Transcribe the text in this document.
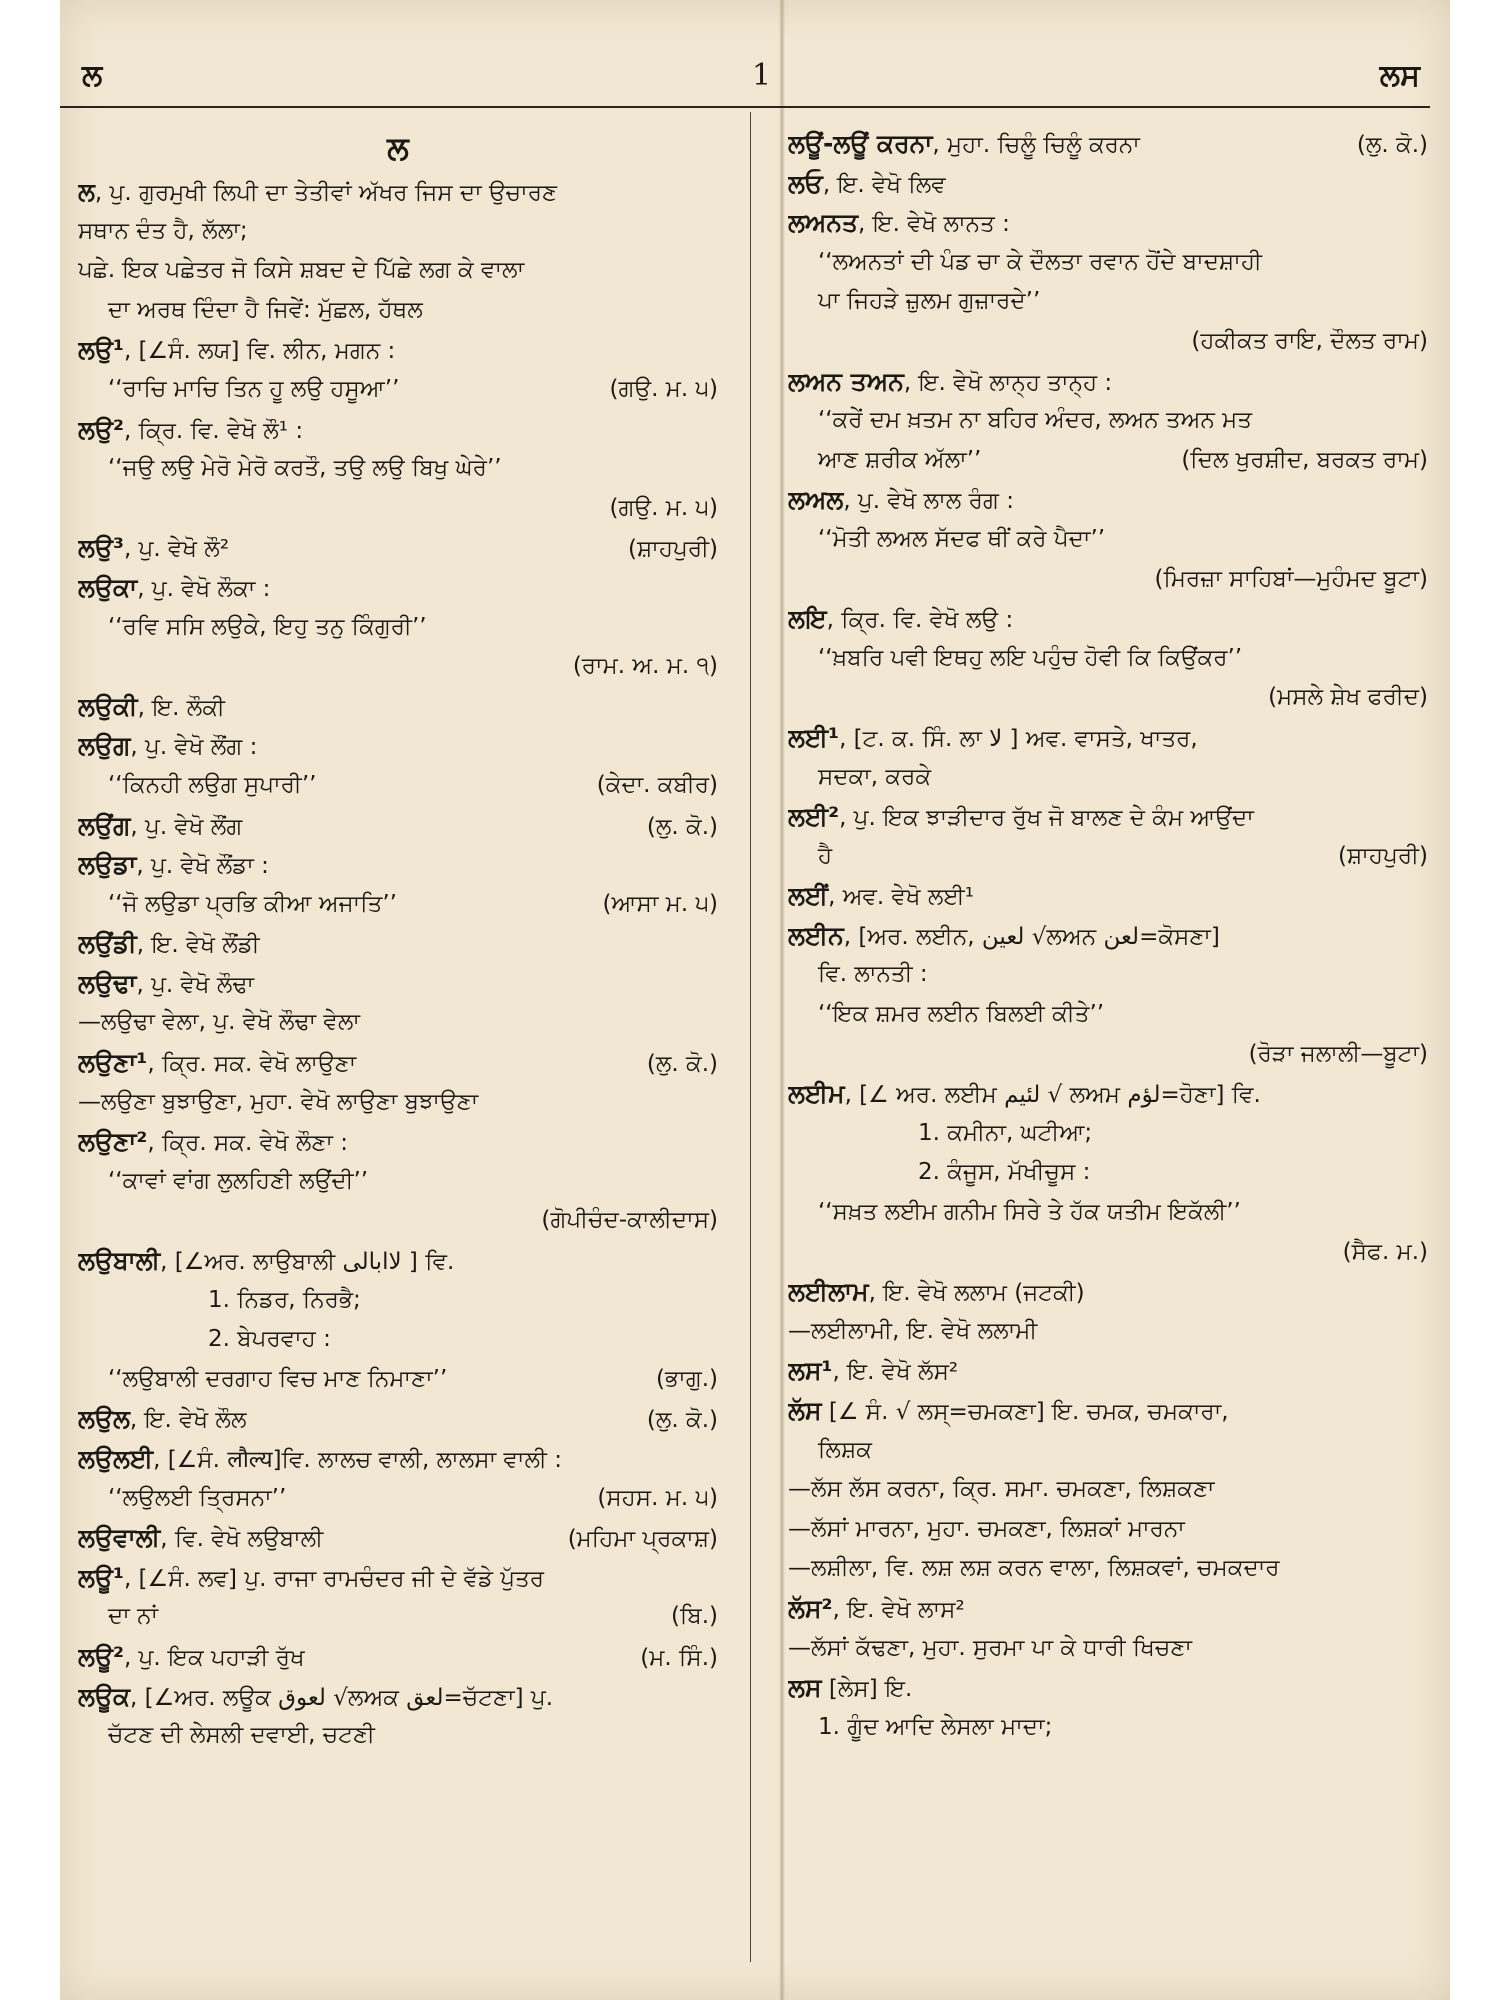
ਲ	1	ਲਸ
ਲ
ਲ, ਪੁ. ਗੁਰਮੁਖੀ ਲਿਪੀ ਦਾ ਤੇਤੀਵਾਂ ਅੱਖਰ ਜਿਸ ਦਾ ਉਚਾਰਣ
ਸਥਾਨ ਦੰਤ ਹੈ, ਲੱਲਾ;
ਪਛੇ. ਇਕ ਪਛੇਤਰ ਜੋ ਕਿਸੇ ਸ਼ਬਦ ਦੇ ਪਿੱਛੇ ਲਗ ਕੇ ਵਾਲਾ
ਦਾ ਅਰਥ ਦਿੰਦਾ ਹੈ ਜਿਵੇਂ: ਮੁੱਛਲ, ਹੱਥਲ
ਲਉ¹, [∠ਸੰ. ਲਯ] ਵਿ. ਲੀਨ, ਮਗਨ :
‘‘ਰਾਚਿ ਮਾਚਿ ਤਿਨ ਹੂ ਲਉ ਹਸੂਆ’’	(ਗਉ. ਮ. ੫)
ਲਉ², ਕ੍ਰਿ. ਵਿ. ਵੇਖੋ ਲੌ¹ :
‘‘ਜਉ ਲਉ ਮੇਰੋ ਮੇਰੋ ਕਰਤੌ, ਤਉ ਲਉ ਬਿਖੁ ਘੇਰੇ’’
(ਗਉ. ਮ. ੫)
ਲਉ³, ਪੁ. ਵੇਖੋ ਲੌ²	(ਸ਼ਾਹਪੁਰੀ)
ਲਉਕਾ, ਪੁ. ਵੇਖੋ ਲੌਕਾ :
‘‘ਰਵਿ ਸਸਿ ਲਉਕੇ, ਇਹੁ ਤਨੁ ਕਿੰਗੁਰੀ’’
(ਰਾਮ. ਅ. ਮ. ੧)
ਲਉਕੀ, ਇ. ਲੌਕੀ
ਲਉਗ, ਪੁ. ਵੇਖੋ ਲੌਂਗ :
‘‘ਕਿਨਹੀ ਲਉਗ ਸੁਪਾਰੀ’’	(ਕੇਦਾ. ਕਬੀਰ)
ਲਉਂਗ, ਪੁ. ਵੇਖੋ ਲੌਂਗ	(ਲੁ. ਕੋ.)
ਲਉਡਾ, ਪੁ. ਵੇਖੋ ਲੌਂਡਾ :
‘‘ਜੋ ਲਉਡਾ ਪ੍ਰਭਿ ਕੀਆ ਅਜਾਤਿ’’	(ਆਸਾ ਮ. ੫)
ਲਉਂਡੀ, ਇ. ਵੇਖੋ ਲੌਂਡੀ
ਲਉਢਾ, ਪੁ. ਵੇਖੋ ਲੌਢਾ
—ਲਉਢਾ ਵੇਲਾ, ਪੁ. ਵੇਖੋ ਲੌਢਾ ਵੇਲਾ
ਲਉਣਾ¹, ਕ੍ਰਿ. ਸਕ. ਵੇਖੋ ਲਾਉਣਾ	(ਲੁ. ਕੋ.)
—ਲਉਣਾ ਬੁਝਾਉਣਾ, ਮੁਹਾ. ਵੇਖੋ ਲਾਉਣਾ ਬੁਝਾਉਣਾ
ਲਉਣਾ², ਕ੍ਰਿ. ਸਕ. ਵੇਖੋ ਲੌਣਾ :
‘‘ਕਾਵਾਂ ਵਾਂਗ ਲੁਲਹਿਣੀ ਲਉਂਦੀ’’
(ਗੋਪੀਚੰਦ-ਕਾਲੀਦਾਸ)
ਲਉਬਾਲੀ, [∠ਅਰ. ਲਾਉਬਾਲੀ لاابالی ] ਵਿ.
1. ਨਿਡਰ, ਨਿਰਭੈ;
2. ਬੇਪਰਵਾਹ :
‘‘ਲਉਬਾਲੀ ਦਰਗਾਹ ਵਿਚ ਮਾਣ ਨਿਮਾਣਾ’’	(ਭਾਗੁ.)
ਲਉਲ, ਇ. ਵੇਖੋ ਲੌਲ	(ਲੁ. ਕੋ.)
ਲਉਲਈ, [∠ਸੰ. लौल्य]ਵਿ. ਲਾਲਚ ਵਾਲੀ, ਲਾਲਸਾ ਵਾਲੀ :
‘‘ਲਉਲਈ ਤ੍ਰਿਸਨਾ’’	(ਸਹਸ. ਮ. ੫)
ਲਉਵਾਲੀ, ਵਿ. ਵੇਖੋ ਲਉਬਾਲੀ	(ਮਹਿਮਾ ਪ੍ਰਕਾਸ਼)
ਲਊ¹, [∠ਸੰ. ਲਵ] ਪੁ. ਰਾਜਾ ਰਾਮਚੰਦਰ ਜੀ ਦੇ ਵੱਡੇ ਪੁੱਤਰ
ਦਾ ਨਾਂ	(ਬਿ.)
ਲਊ², ਪੁ. ਇਕ ਪਹਾੜੀ ਰੁੱਖ	(ਮ. ਸਿੰ.)
ਲਊਕ, [∠ਅਰ. ਲਊਕ لعوق √ਲਅਕ لعق=ਚੱਟਣਾ] ਪੁ.
ਚੱਟਣ ਦੀ ਲੇਸਲੀ ਦਵਾਈ, ਚਟਣੀ
ਲਊਂ-ਲਊਂ ਕਰਨਾ, ਮੁਹਾ. ਚਿਲੂੰ ਚਿਲੂੰ ਕਰਨਾ	(ਲੁ. ਕੋ.)
ਲਓ, ਇ. ਵੇਖੋ ਲਿਵ
ਲਅਨਤ, ਇ. ਵੇਖੋ ਲਾਨਤ :
‘‘ਲਅਨਤਾਂ ਦੀ ਪੰਡ ਚਾ ਕੇ ਦੌਲਤਾ ਰਵਾਨ ਹੋਂਦੇ ਬਾਦਸ਼ਾਹੀ
ਪਾ ਜਿਹੜੇ ਜ਼ੁਲਮ ਗੁਜ਼ਾਰਦੇ’’
(ਹਕੀਕਤ ਰਾਇ, ਦੌਲਤ ਰਾਮ)
ਲਅਨ ਤਅਨ, ਇ. ਵੇਖੋ ਲਾਨ੍ਹ ਤਾਨ੍ਹ :
‘‘ਕਰੇਂ ਦਮ ਖ਼ਤਮ ਨਾ ਬਹਿਰ ਅੰਦਰ, ਲਅਨ ਤਅਨ ਮਤ
ਆਣ ਸ਼ਰੀਕ ਅੱਲਾ’’	(ਦਿਲ ਖੁਰਸ਼ੀਦ, ਬਰਕਤ ਰਾਮ)
ਲਅਲ, ਪੁ. ਵੇਖੋ ਲਾਲ ਰੰਗ :
‘‘ਮੋਤੀ ਲਅਲ ਸੱਦਫ ਥੀਂ ਕਰੇ ਪੈਦਾ’’
(ਮਿਰਜ਼ਾ ਸਾਹਿਬਾਂ—ਮੁਹੰਮਦ ਬੂਟਾ)
ਲਇ, ਕ੍ਰਿ. ਵਿ. ਵੇਖੋ ਲਉ :
‘‘ਖ਼ਬਰਿ ਪਵੀ ਇਥਹੁ ਲਇ ਪਹੁੰਚ ਹੋਵੀ ਕਿ ਕਿਉਂਕਰ’’
(ਮਸਲੇ ਸ਼ੇਖ ਫਰੀਦ)
ਲਈ¹, [ਟ. ਕ. ਸਿੰ. ਲਾ لا ] ਅਵ. ਵਾਸਤੇ, ਖਾਤਰ,
ਸਦਕਾ, ਕਰਕੇ
ਲਈ², ਪੁ. ਇਕ ਝਾੜੀਦਾਰ ਰੁੱਖ ਜੋ ਬਾਲਣ ਦੇ ਕੰਮ ਆਉਂਦਾ
ਹੈ	(ਸ਼ਾਹਪੁਰੀ)
ਲਈਂ, ਅਵ. ਵੇਖੋ ਲਈ¹
ਲਈਨ, [ਅਰ. ਲਈਨ, لعین √ਲਅਨ لعن=ਕੋਸਣਾ]
ਵਿ. ਲਾਨਤੀ :
‘‘ਇਕ ਸ਼ਮਰ ਲਈਨ ਬਿਲਈ ਕੀਤੇ’’
(ਰੋੜਾ ਜਲਾਲੀ—ਬੂਟਾ)
ਲਈਮ, [∠ ਅਰ. ਲਈਮ لئیم √ ਲਅਮ لؤم=ਹੋਣਾ] ਵਿ.
1. ਕਮੀਨਾ, ਘਟੀਆ;
2. ਕੰਜੂਸ, ਮੱਖੀਚੂਸ :
‘‘ਸਖ਼ਤ ਲਈਮ ਗਨੀਮ ਸਿਰੇ ਤੇ ਹੱਕ ਯਤੀਮ ਇਕੱਲੀ’’
(ਸੈਫ. ਮ.)
ਲਈਲਾਮ, ਇ. ਵੇਖੋ ਲਲਾਮ (ਜਟਕੀ)
—ਲਈਲਾਮੀ, ਇ. ਵੇਖੋ ਲਲਾਮੀ
ਲਸ¹, ਇ. ਵੇਖੋ ਲੱਸ²
ਲੱਸ [∠ ਸੰ. √ ਲਸ੍=ਚਮਕਣਾ] ਇ. ਚਮਕ, ਚਮਕਾਰਾ,
ਲਿਸ਼ਕ
—ਲੱਸ ਲੱਸ ਕਰਨਾ, ਕ੍ਰਿ. ਸਮਾ. ਚਮਕਣਾ, ਲਿਸ਼ਕਣਾ
—ਲੱਸਾਂ ਮਾਰਨਾ, ਮੁਹਾ. ਚਮਕਣਾ, ਲਿਸ਼ਕਾਂ ਮਾਰਨਾ
—ਲਸ਼ੀਲਾ, ਵਿ. ਲਸ਼ ਲਸ਼ ਕਰਨ ਵਾਲਾ, ਲਿਸ਼ਕਵਾਂ, ਚਮਕਦਾਰ
ਲੱਸ², ਇ. ਵੇਖੋ ਲਾਸ²
—ਲੱਸਾਂ ਕੱਢਣਾ, ਮੁਹਾ. ਸੁਰਮਾ ਪਾ ਕੇ ਧਾਰੀ ਖਿਚਣਾ
ਲਸ [ਲੇਸ] ਇ.
1. ਗੂੰਦ ਆਦਿ ਲੇਸਲਾ ਮਾਦਾ;
